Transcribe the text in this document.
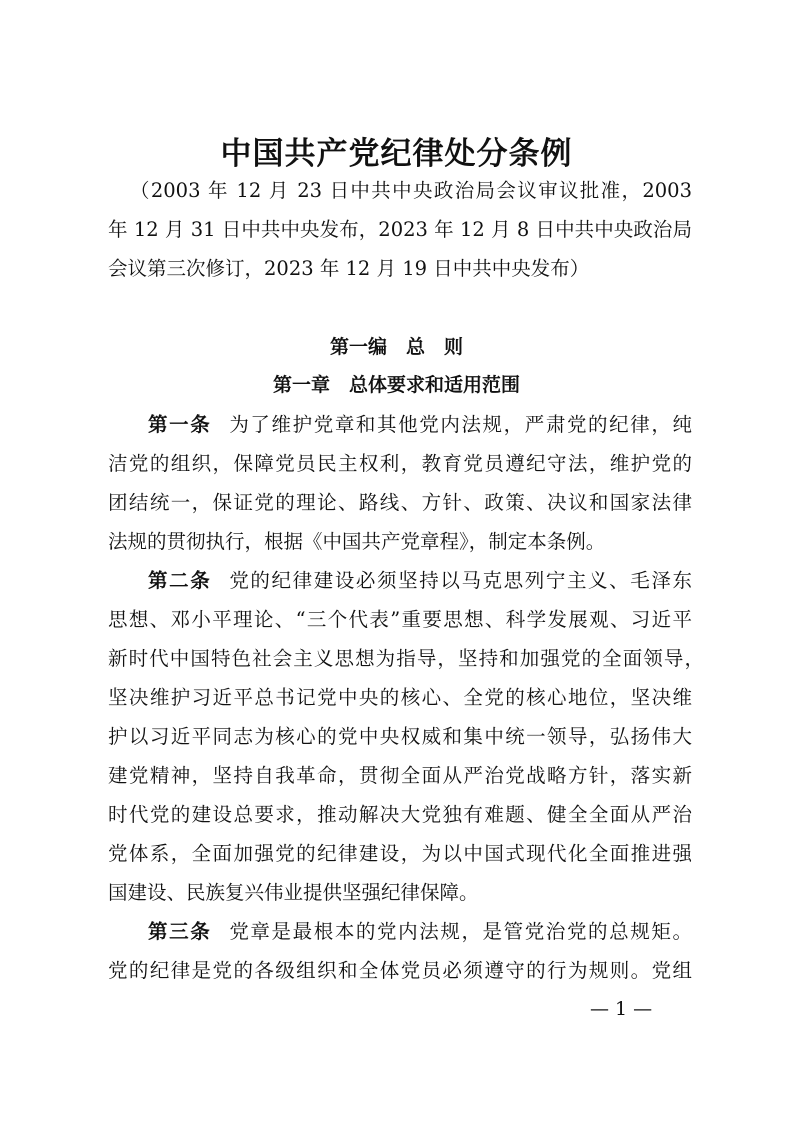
中国共产党纪律处分条例
（2003 年 12 月 23 日中共中央政治局会议审议批准，2003
年 12 月 31 日中共中央发布，2023 年 12 月 8 日中共中央政治局
会议第三次修订，2023 年 12 月 19 日中共中央发布）
第一编　总　则
第一章　总体要求和适用范围
第一条 为了维护党章和其他党内法规，严肃党的纪律，纯
洁党的组织，保障党员民主权利，教育党员遵纪守法，维护党的
团结统一，保证党的理论、路线、方针、政策、决议和国家法律
法规的贯彻执行，根据《中国共产党章程》，制定本条例。
第二条 党的纪律建设必须坚持以马克思列宁主义、毛泽东
思想、邓小平理论、“三个代表”重要思想、科学发展观、习近平
新时代中国特色社会主义思想为指导，坚持和加强党的全面领导，
坚决维护习近平总书记党中央的核心、全党的核心地位，坚决维
护以习近平同志为核心的党中央权威和集中统一领导，弘扬伟大
建党精神，坚持自我革命，贯彻全面从严治党战略方针，落实新
时代党的建设总要求，推动解决大党独有难题、健全全面从严治
党体系，全面加强党的纪律建设，为以中国式现代化全面推进强
国建设、民族复兴伟业提供坚强纪律保障。
第三条 党章是最根本的党内法规，是管党治党的总规矩。
党的纪律是党的各级组织和全体党员必须遵守的行为规则。党组
— 1 —
